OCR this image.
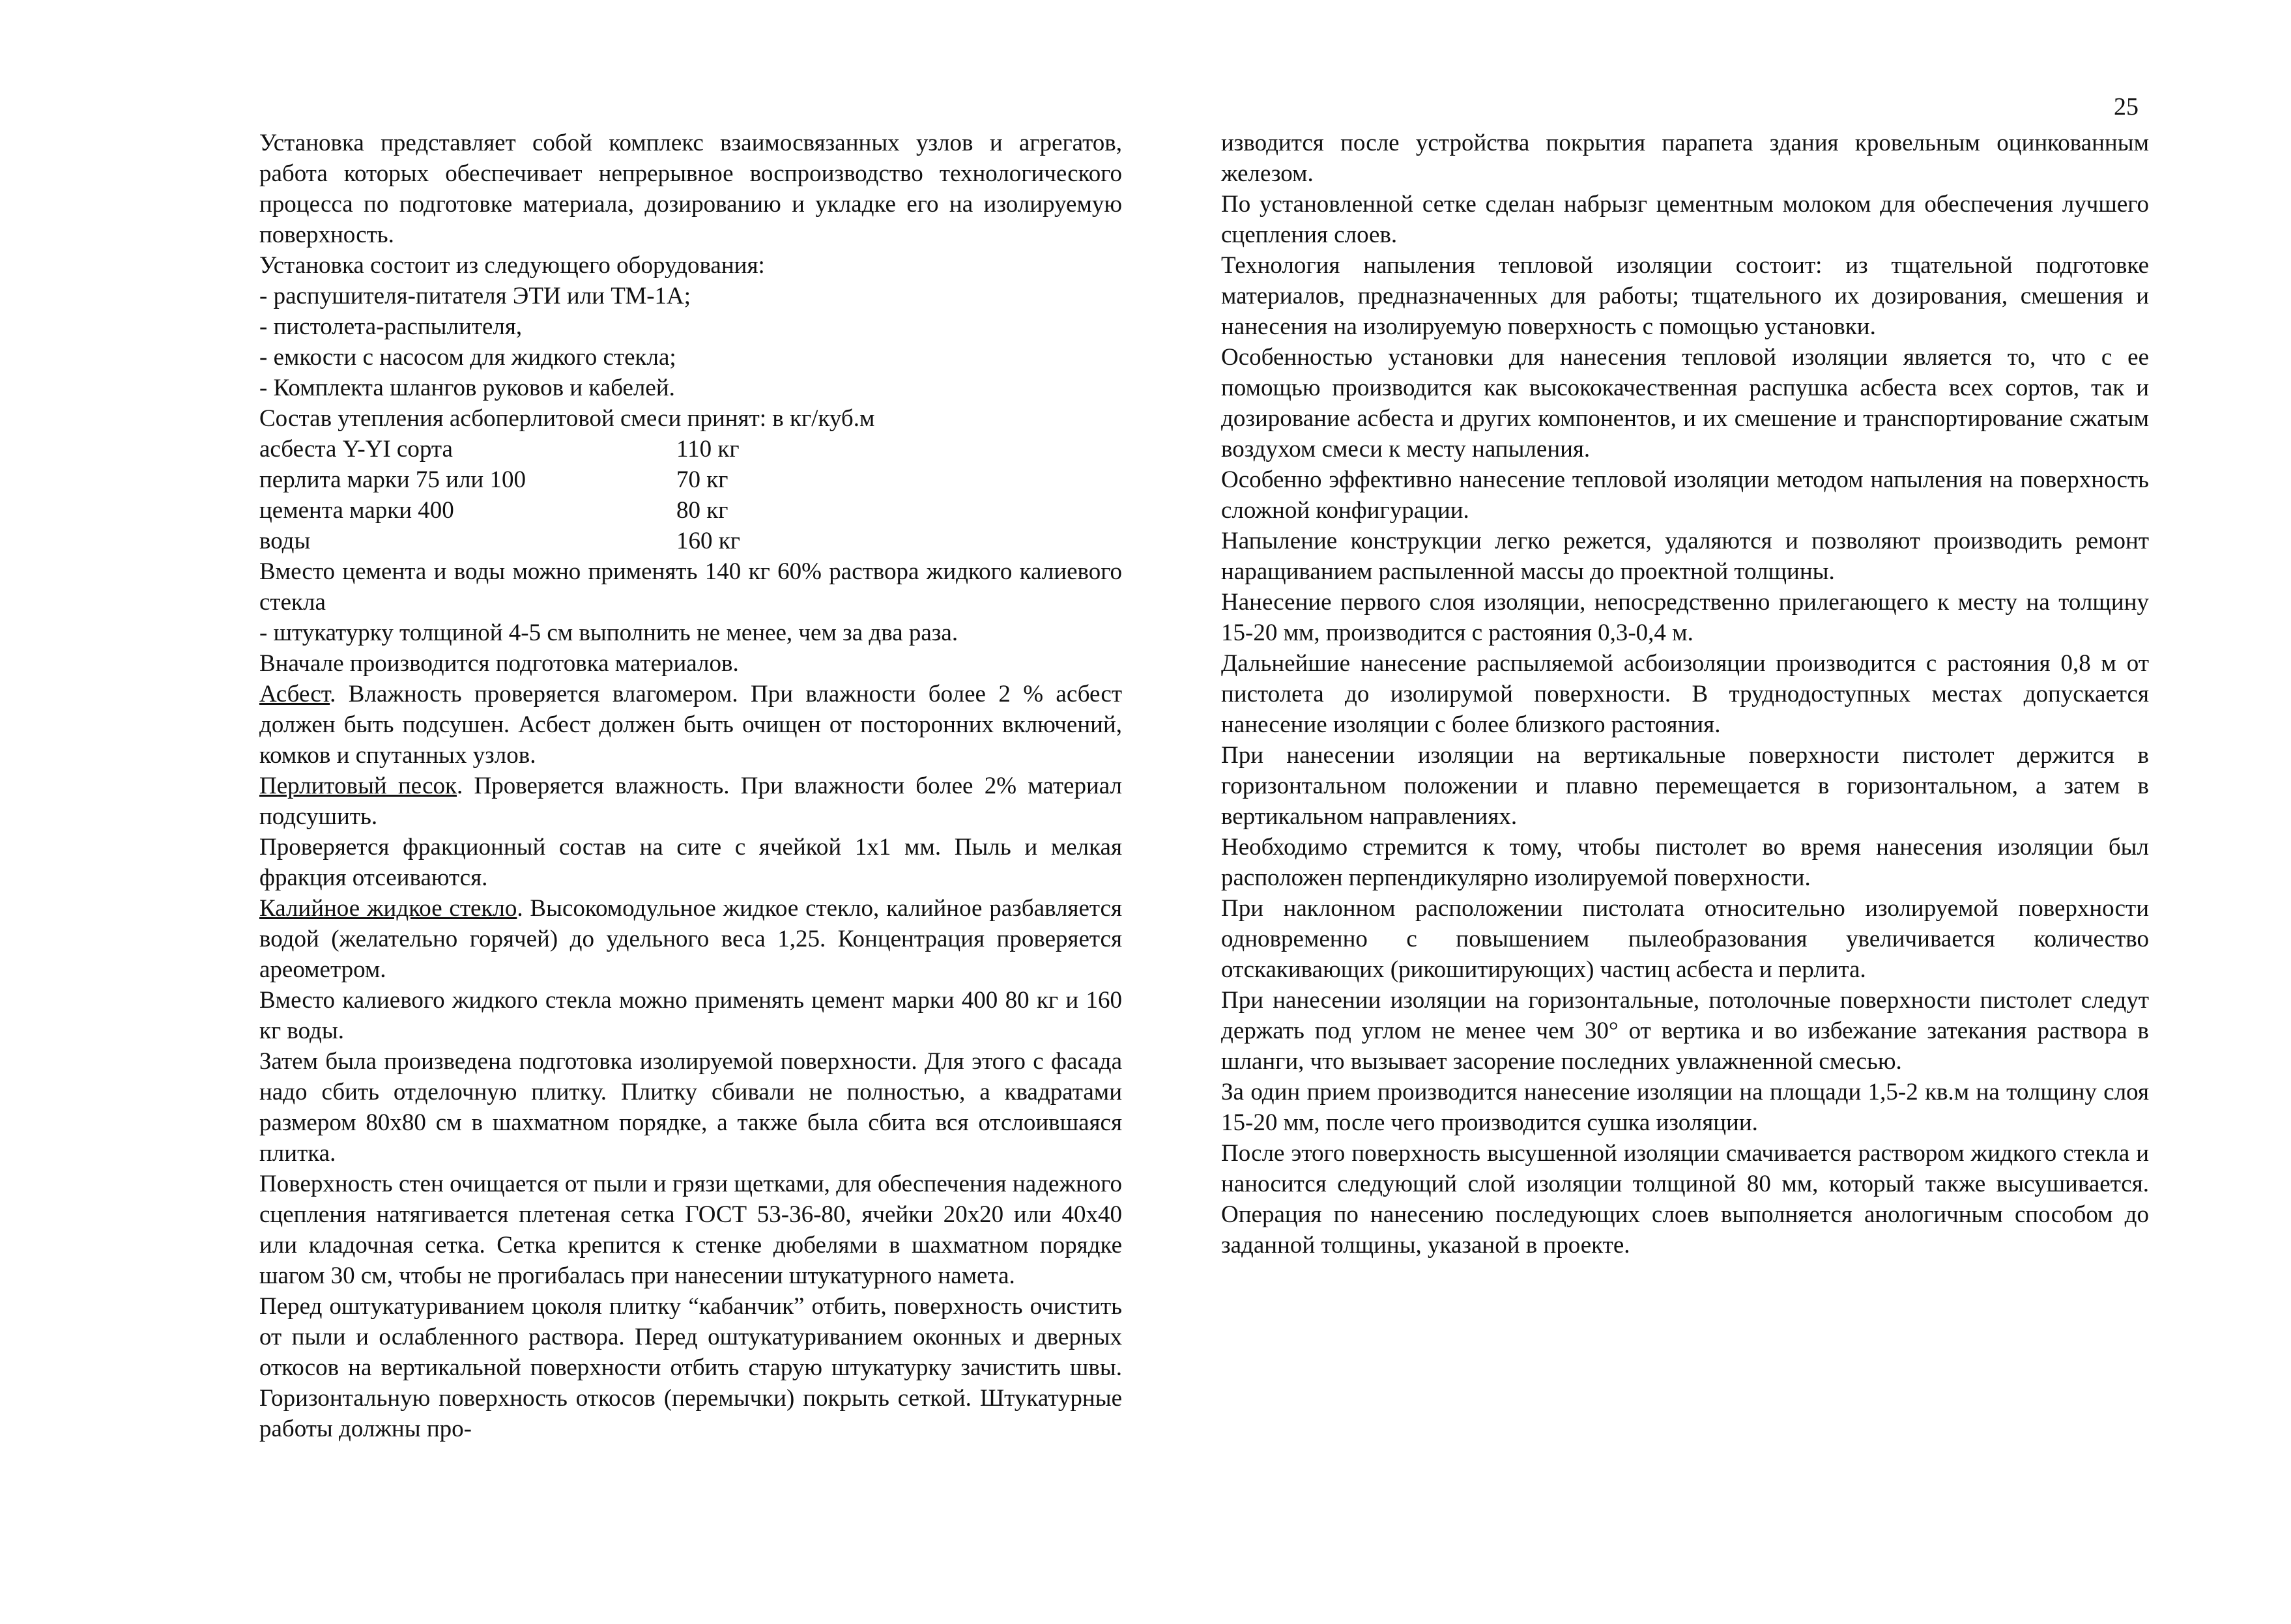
25

Установка представляет собой комплекс взаимосвязанных узлов и агрегатов, работа которых обеспечивает непрерывное воспроизводство технологического процесса по подготовке материала, дозированию и укладке его на изолируемую поверхность.

Установка состоит из следующего оборудования:

- распушителя-питателя ЭТИ или ТМ-1А;

- пистолета-распылителя,

- емкости с насосом для жидкого стекла;

- Комплекта шлангов руковов и кабелей.

Состав утепления асбоперлитовой смеси принят: в кг/куб.м

асбеста Y-YI сорта	110 кг
перлита марки 75 или 100	70 кг
цемента марки 400	80 кг
воды	160 кг

Вместо цемента и воды можно применять 140 кг 60% раствора жидкого калиевого стекла

- штукатурку толщиной 4-5 см выполнить не менее, чем за два раза.

Вначале производится подготовка материалов.

Асбест. Влажность проверяется влагомером. При влажности более 2 % асбест должен быть подсушен. Асбест должен быть очищен от посторонних включений, комков и спутанных узлов.

Перлитовый песок. Проверяется влажность. При влажности более 2% материал подсушить.

Проверяется фракционный состав на сите с ячейкой 1х1 мм. Пыль и мелкая фракция отсеиваются.

Калийное жидкое стекло. Высокомодульное жидкое стекло, калийное разбавляется водой (желательно горячей) до удельного веса 1,25. Концентрация проверяется ареометром.

Вместо калиевого жидкого стекла можно применять цемент марки 400 80 кг и 160 кг воды.

Затем была произведена подготовка изолируемой поверхности. Для этого с фасада надо сбить отделочную плитку. Плитку сбивали не полностью, а квадратами размером 80х80 см в шахматном порядке, а также была сбита вся отслоившаяся плитка.

Поверхность стен очищается от пыли и грязи щетками, для обеспечения надежного сцепления натягивается плетеная сетка ГОСТ 53-36-80, ячейки 20х20 или 40х40 или кладочная сетка. Сетка крепится к стенке дюбелями в шахматном порядке шагом 30 см, чтобы не прогибалась при нанесении штукатурного намета.

Перед оштукатуриванием цоколя плитку “кабанчик” отбить, поверхность очистить от пыли и ослабленного раствора. Перед оштукатуриванием оконных и дверных откосов на вертикальной поверхности отбить старую штукатурку зачистить швы. Горизонтальную поверхность откосов (перемычки) покрыть сеткой. Штукатурные работы должны про-

изводится после устройства покрытия парапета здания кровельным оцинкованным железом.

По установленной сетке сделан набрызг цементным молоком для обеспечения лучшего сцепления слоев.

Технология напыления тепловой изоляции состоит: из тщательной подготовке материалов, предназначенных для работы; тщательного их дозирования, смешения и нанесения на изолируемую поверхность с помощью установки.

Особенностью установки для нанесения тепловой изоляции является то, что с ее помощью производится как высококачественная распушка асбеста всех сортов, так и дозирование асбеста и других компонентов, и их смешение и транспортирование сжатым воздухом смеси к месту напыления.

Особенно эффективно нанесение тепловой изоляции методом напыления на поверхность сложной конфигурации.

Напыление конструкции легко режется, удаляются и позволяют производить ремонт наращиванием распыленной массы до проектной толщины.

Нанесение первого слоя изоляции, непосредственно прилегающего к месту на толщину 15-20 мм, производится с растояния 0,3-0,4 м.

Дальнейшие нанесение распыляемой асбоизоляции производится с растояния 0,8 м от пистолета до изолирумой поверхности. В труднодоступных местах допускается нанесение изоляции с более близкого растояния.

При нанесении изоляции на вертикальные поверхности пистолет держится в горизонтальном положении и плавно перемещается в горизонтальном, а затем в вертикальном направлениях.

Необходимо стремится к тому, чтобы пистолет во время нанесения изоляции был расположен перпендикулярно изолируемой поверхности.

При наклонном расположении пистолата относительно изолируемой поверхности одновременно с повышением пылеобразования увеличивается количество отскакивающих (рикошитирующих) частиц асбеста и перлита.

При нанесении изоляции на горизонтальные, потолочные поверхности пистолет следут держать под углом не менее чем 30° от вертика и во избежание затекания раствора в шланги, что вызывает засорение последних увлажненной смесью.

За один прием производится нанесение изоляции на площади 1,5-2 кв.м на толщину слоя 15-20 мм, после чего производится сушка изоляции.

После этого поверхность высушенной изоляции смачивается раствором жидкого стекла и наносится следующий слой изоляции толщиной 80 мм, который также высушивается. Операция по нанесению последующих слоев выполняется анологичным способом до заданной толщины, указаной в проекте.
